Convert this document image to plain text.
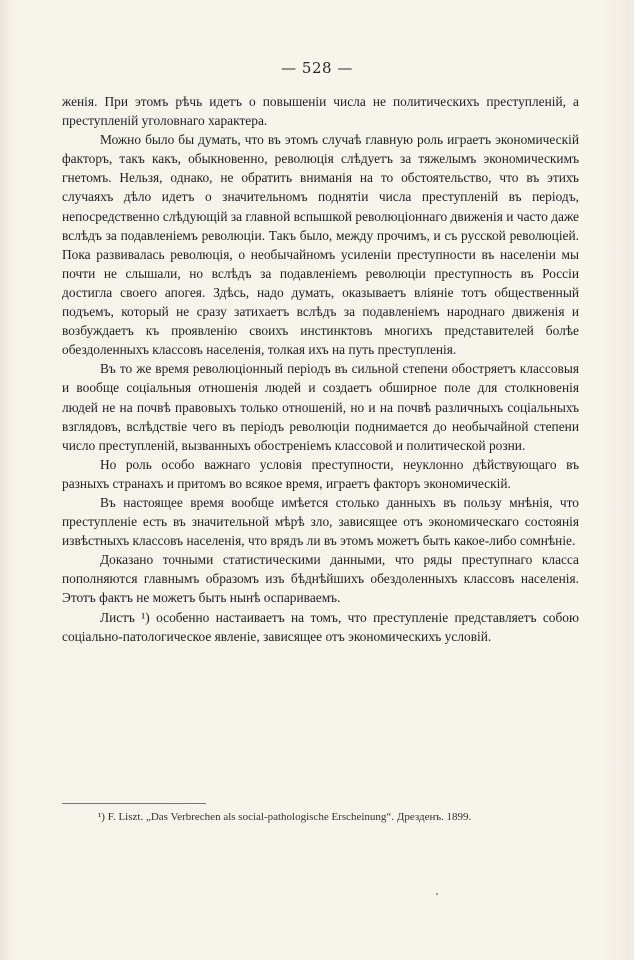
— 528 —

женія. При этомъ рѣчь идетъ о повышеніи числа не политическихъ преступленій, а преступленій уголовнаго характера.

Можно было бы думать, что въ этомъ случаѣ главную роль играетъ экономическій факторъ, такъ какъ, обыкновенно, революція слѣдуетъ за тяжелымъ экономическимъ гнетомъ. Нельзя, однако, не обратить вниманія на то обстоятельство, что въ этихъ случаяхъ дѣло идетъ о значительномъ поднятіи числа преступленій въ періодъ, непосредственно слѣдующій за главной вспышкой революціоннаго движенія и часто даже вслѣдъ за подавленіемъ революціи. Такъ было, между прочимъ, и съ русской революціей. Пока развивалась революція, о необычайномъ усиленіи преступности въ населеніи мы почти не слышали, но вслѣдъ за подавленіемъ революціи преступность въ Россіи достигла своего апогея. Здѣсь, надо думать, оказываетъ вліяніе тотъ общественный подъемъ, который не сразу затихаетъ вслѣдъ за подавленіемъ народнаго движенія и возбуждаетъ къ проявленію своихъ инстинктовъ многихъ представителей болѣе обездоленныхъ классовъ населенія, толкая ихъ на путь преступленія.

Въ то же время революціонный періодъ въ сильной степени обостряетъ классовыя и вообще соціальныя отношенія людей и создаетъ обширное поле для столкновенія людей не на почвѣ правовыхъ только отношеній, но и на почвѣ различныхъ соціальныхъ взглядовъ, вслѣдствіе чего въ періодъ революціи поднимается до необычайной степени число преступленій, вызванныхъ обостреніемъ классовой и политической розни.

Но роль особо важнаго условія преступности, неуклонно дѣйствующаго въ разныхъ странахъ и притомъ во всякое время, играетъ факторъ экономическій.

Въ настоящее время вообще имѣется столько данныхъ въ пользу мнѣнія, что преступленіе есть въ значительной мѣрѣ зло, зависящее отъ экономическаго состоянія извѣстныхъ классовъ населенія, что врядъ ли въ этомъ можетъ быть какое-либо сомнѣніе.

Доказано точными статистическими данными, что ряды преступнаго класса пополняются главнымъ образомъ изъ бѣднѣйшихъ обездоленныхъ классовъ населенія. Этотъ фактъ не можетъ быть нынѣ оспариваемъ.

Листъ ¹) особенно настаиваетъ на томъ, что преступленіе представляетъ собою соціально-патологическое явленіе, зависящее отъ экономическихъ условій.

¹) F. Liszt. „Das Verbrechen als social-pathologische Erscheinung“. Дрезденъ. 1899.
